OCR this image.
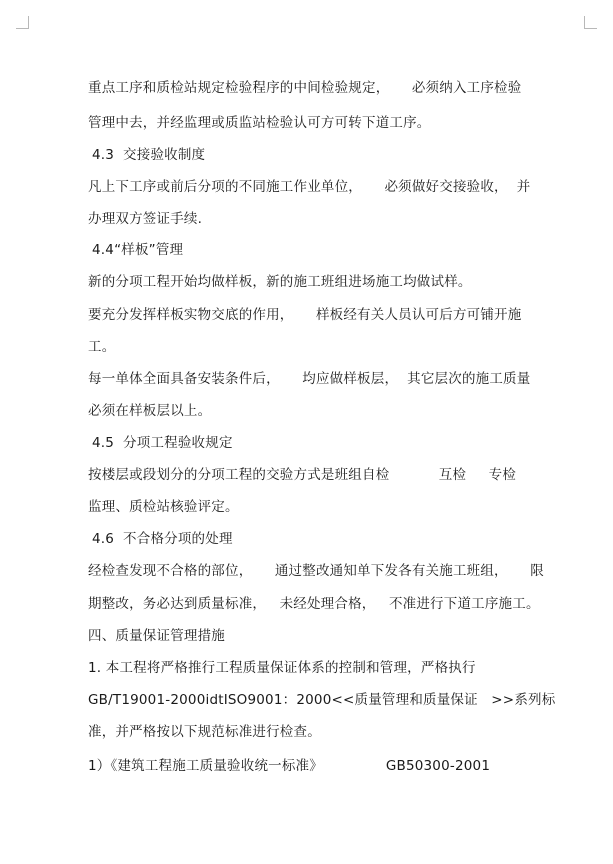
重点工序和质检站规定检验程序的中间检验规定，     必须纳入工序检验
管理中去，并经监理或质监站检验认可方可转下道工序。
4.3  交接验收制度
凡上下工序或前后分项的不同施工作业单位，     必须做好交接验收，  并
办理双方签证手续.
4.4“样板”管理
新的分项工程开始均做样板，新的施工班组进场施工均做试样。
要充分发挥样板实物交底的作用，     样板经有关人员认可后方可铺开施
工。
每一单体全面具备安装条件后，     均应做样板层，  其它层次的施工质量
必须在样板层以上。
4.5  分项工程验收规定
按楼层或段划分的分项工程的交验方式是班组自检           互检     专检
监理、质检站核验评定。
4.6  不合格分项的处理
经检查发现不合格的部位，     通过整改通知单下发各有关施工班组，     限
期整改，务必达到质量标准，   未经处理合格，   不准进行下道工序施工。
四、质量保证管理措施
1. 本工程将严格推行工程质量保证体系的控制和管理，严格执行
GB/T19001-2000idtISO9001：2000<<质量管理和质量保证   >>系列标
准，并严格按以下规范标准进行检查。
1）《建筑工程施工质量验收统一标准》              GB50300-2001
